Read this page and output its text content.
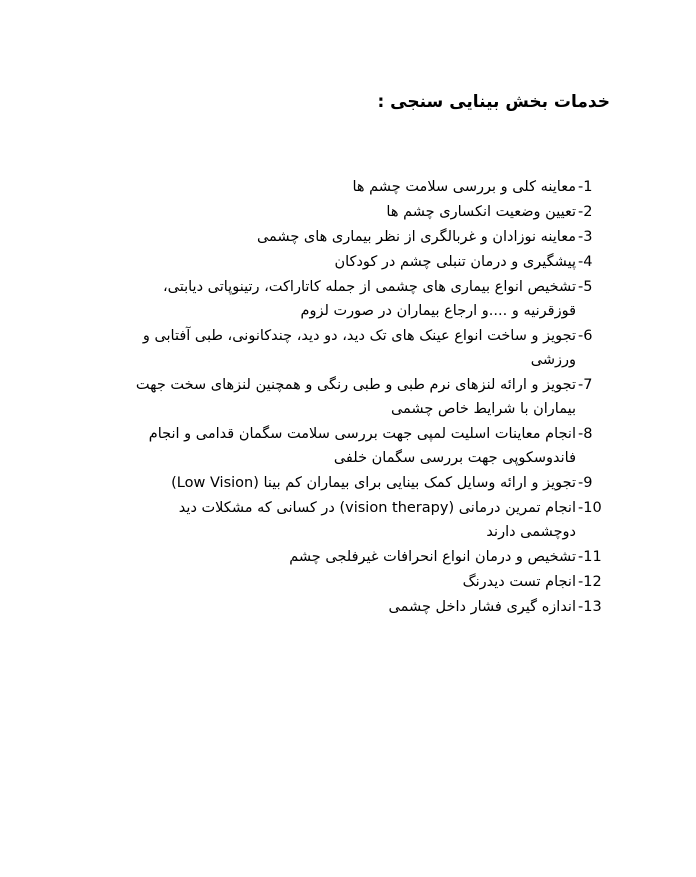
خدمات بخش بینایی سنجی :
معاینه کلی و بررسی سلامت چشم ها -1
تعیین وضعیت انکساری چشم ها -2
معاینه نوزادان و غربالگری از نظر بیماری های چشمی -3
پیشگیری و درمان تنبلی چشم در کودکان -4
تشخیص انواع بیماری های چشمی از جمله کاتاراکت، رتینوپاتی دیابتی، قوزقرنیه و ....و ارجاع بیماران در صورت لزوم
-5
تجویز و ساخت انواع عینک های تک دید، دو دید، چندکانونی، طبی آفتابی و ورزشی
-6
تجویز و ارائه لنزهای نرم طبی و طبی رنگی و همچنین لنزهای سخت جهت بیماران با شرایط خاص چشمی
-7
انجام معاینات اسلیت لمپی جهت بررسی سلامت سگمان قدامی و انجام فاندوسکوپی جهت بررسی سگمان خلفی
-8
تجویز و ارائه وسایل کمک بینایی برای بیماران کم بینا (Low Vision) -9
انجام تمرین درمانی (vision therapy) در کسانی که مشکلات دید دوچشمی دارند
-10
تشخیص و درمان انواع انحرافات غیرفلجی چشم -11
انجام تست دیدرنگ -12
اندازه گیری فشار داخل چشمی -13
